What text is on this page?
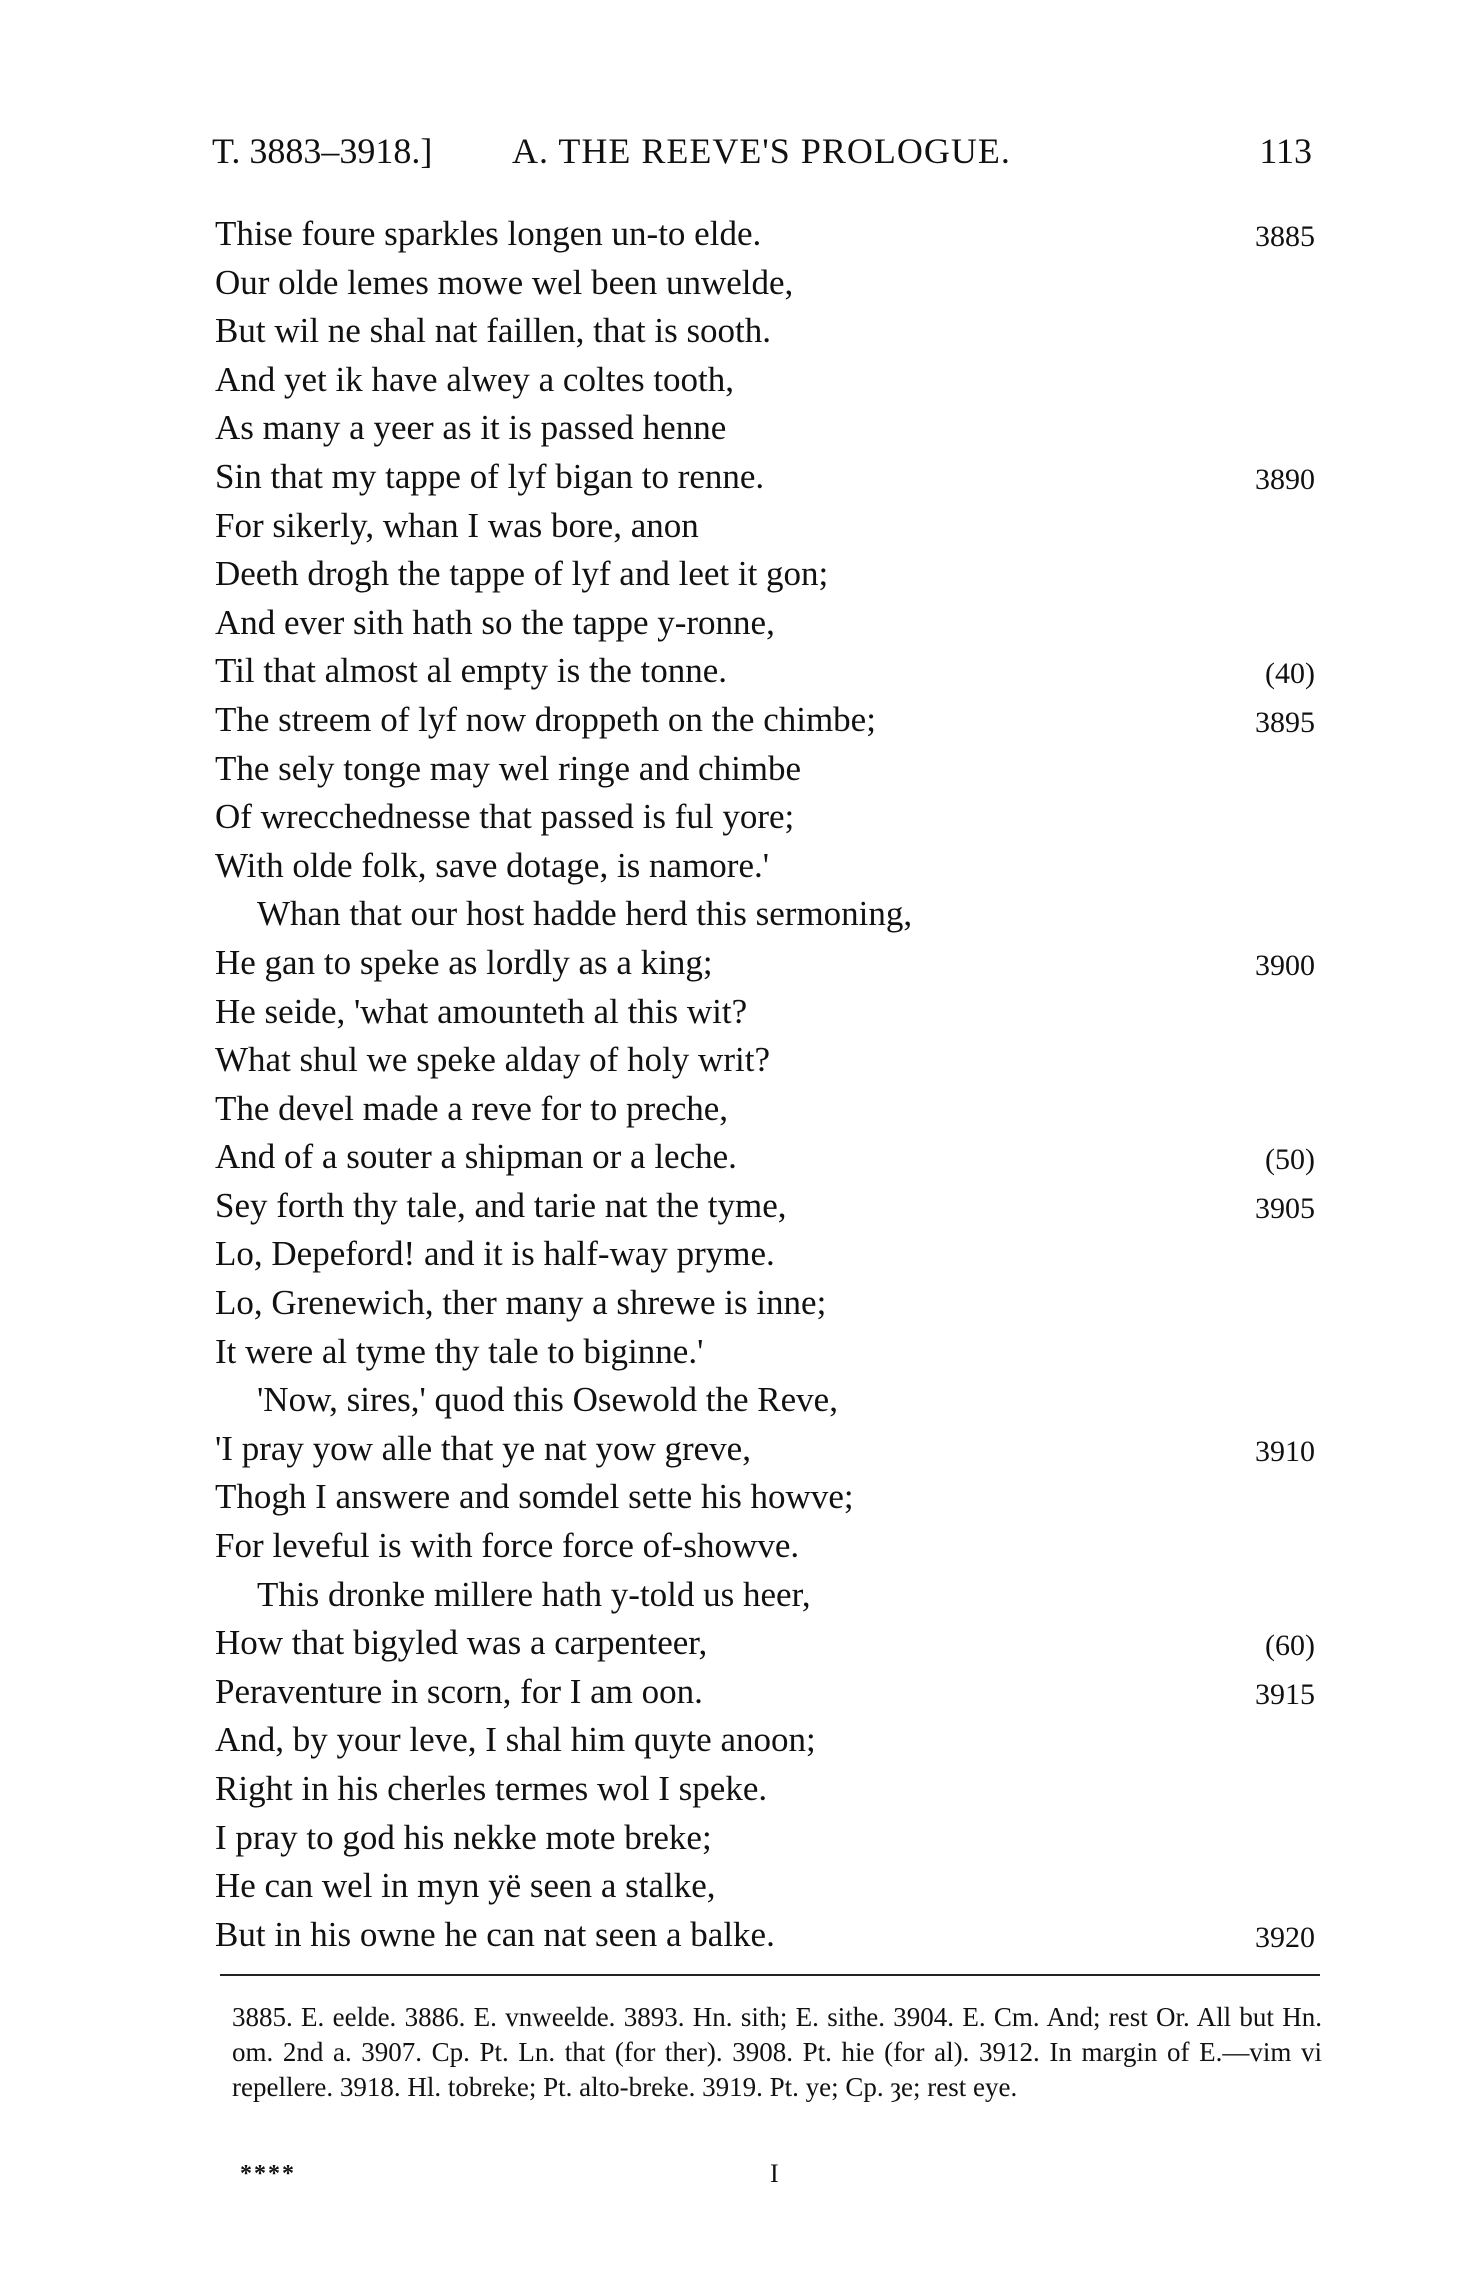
T. 3883–3918.] A. THE REEVE'S PROLOGUE.	113
Thise foure sparkles longen un-to elde.	3885
Our olde lemes mowe wel been unwelde,
But wil ne shal nat faillen, that is sooth.
And yet ik have alwey a coltes tooth,
As many a yeer as it is passed henne
Sin that my tappe of lyf bigan to renne.	3890
For sikerly, whan I was bore, anon
Deeth drogh the tappe of lyf and leet it gon;
And ever sith hath so the tappe y-ronne,
Til that almost al empty is the tonne.	(40)
The streem of lyf now droppeth on the chimbe;	3895
The sely tonge may wel ringe and chimbe
Of wrecchednesse that passed is ful yore;
With olde folk, save dotage, is namore.'
Whan that our host hadde herd this sermoning,
He gan to speke as lordly as a king;	3900
He seide, 'what amounteth al this wit?
What shul we speke alday of holy writ?
The devel made a reve for to preche,
And of a souter a shipman or a leche.	(50)
Sey forth thy tale, and tarie nat the tyme,	3905
Lo, Depeford! and it is half-way pryme.
Lo, Grenewich, ther many a shrewe is inne;
It were al tyme thy tale to biginne.'
'Now, sires,' quod this Osewold the Reve,
'I pray yow alle that ye nat yow greve,	3910
Thogh I answere and somdel sette his howve;
For leveful is with force force of-showve.
This dronke millere hath y-told us heer,
How that bigyled was a carpenteer,	(60)
Peraventure in scorn, for I am oon.	3915
And, by your leve, I shal him quyte anoon;
Right in his cherles termes wol I speke.
I pray to god his nekke mote breke;
He can wel in myn yë seen a stalke,
But in his owne he can nat seen a balke.	3920

3885. E. eelde. 3886. E. vnweelde. 3893. Hn. sith; E. sithe. 3904. E. Cm. And; rest Or. All but Hn. om. 2nd a. 3907. Cp. Pt. Ln. that (for ther). 3908. Pt. hie (for al). 3912. In margin of E.—vim vi repellere. 3918. Hl. tobreke; Pt. alto-breke. 3919. Pt. ye; Cp. ȝe; rest eye.

****	I
